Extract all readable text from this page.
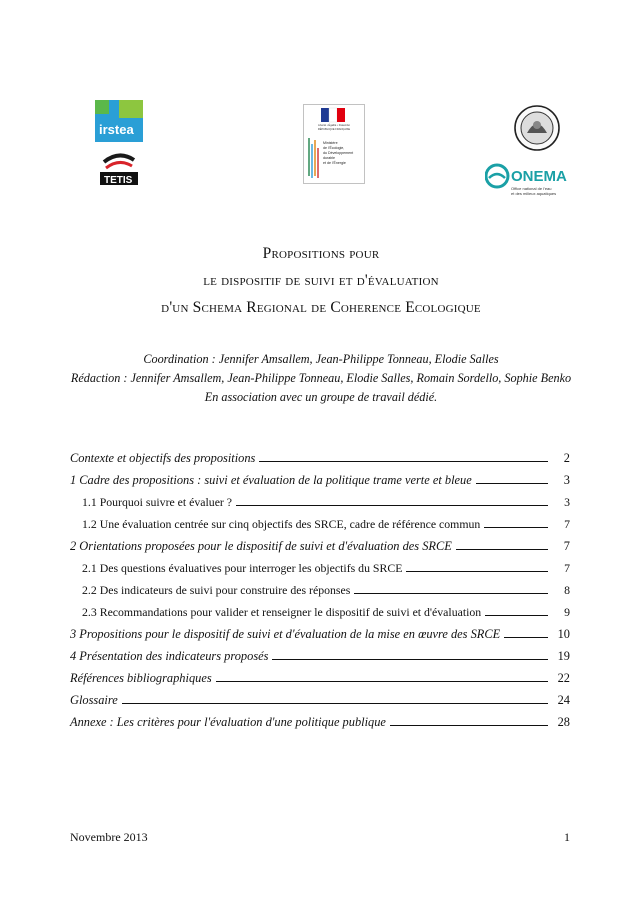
irstea
TETIS
Liberté • Égalité • Fraternité
RÉPUBLIQUE FRANÇAISE
Ministère de l'Écologie, du Développement durable et de l'Énergie
ONEMA
Office national de l'eau
et des milieux aquatiques

Propositions pour

le dispositif de suivi et d'évaluation

d'un Schema Regional de Coherence Ecologique

Coordination : Jennifer Amsallem, Jean-Philippe Tonneau, Elodie Salles
Rédaction : Jennifer Amsallem, Jean-Philippe Tonneau, Elodie Salles, Romain Sordello, Sophie Benko
En association avec un groupe de travail dédié.
Contexte et objectifs des propositions	2
1 Cadre des propositions : suivi et évaluation de la politique trame verte et bleue	3
1.1 Pourquoi suivre et évaluer ?	3
1.2 Une évaluation centrée sur cinq objectifs des SRCE, cadre de référence commun	7
2 Orientations proposées pour le dispositif de suivi et d'évaluation des SRCE	7
2.1 Des questions évaluatives pour interroger les objectifs du SRCE	7
2.2 Des indicateurs de suivi pour construire des réponses	8
2.3 Recommandations pour valider et renseigner le dispositif de suivi et d'évaluation	9
3 Propositions pour le dispositif de suivi et d'évaluation de la mise en œuvre des SRCE	10
4 Présentation des indicateurs proposés	19
Références bibliographiques	22
Glossaire	24
Annexe : Les critères pour l'évaluation d'une politique publique	28
Novembre 2013	1
